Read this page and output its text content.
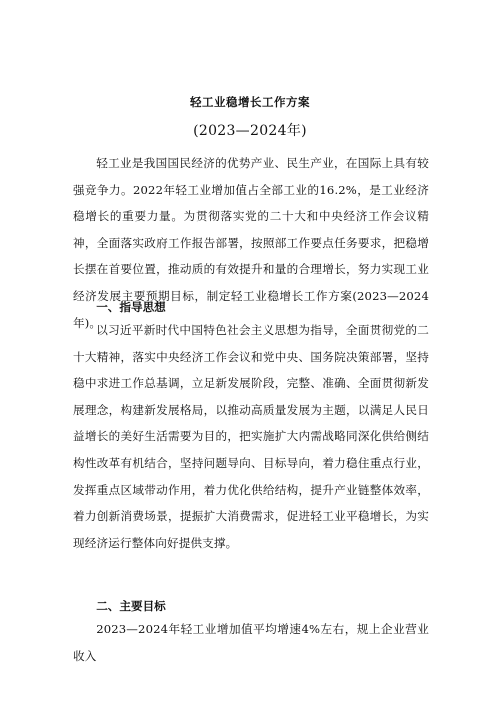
轻工业稳增长工作方案
(2023—2024年)

轻工业是我国国民经济的优势产业、民生产业，在国际上具有较强竞争力。2022年轻工业增加值占全部工业的16.2%，是工业经济稳增长的重要力量。为贯彻落实党的二十大和中央经济工作会议精神，全面落实政府工作报告部署，按照部工作要点任务要求，把稳增长摆在首要位置，推动质的有效提升和量的合理增长，努力实现工业经济发展主要预期目标，制定轻工业稳增长工作方案(2023—2024年)。

一、指导思想

以习近平新时代中国特色社会主义思想为指导，全面贯彻党的二十大精神，落实中央经济工作会议和党中央、国务院决策部署，坚持稳中求进工作总基调，立足新发展阶段，完整、准确、全面贯彻新发展理念，构建新发展格局，以推动高质量发展为主题，以满足人民日益增长的美好生活需要为目的，把实施扩大内需战略同深化供给侧结构性改革有机结合，坚持问题导向、目标导向，着力稳住重点行业，发挥重点区域带动作用，着力优化供给结构，提升产业链整体效率，着力创新消费场景，提振扩大消费需求，促进轻工业平稳增长，为实现经济运行整体向好提供支撑。

二、主要目标

2023—2024年轻工业增加值平均增速4%左右，规上企业营业收入
